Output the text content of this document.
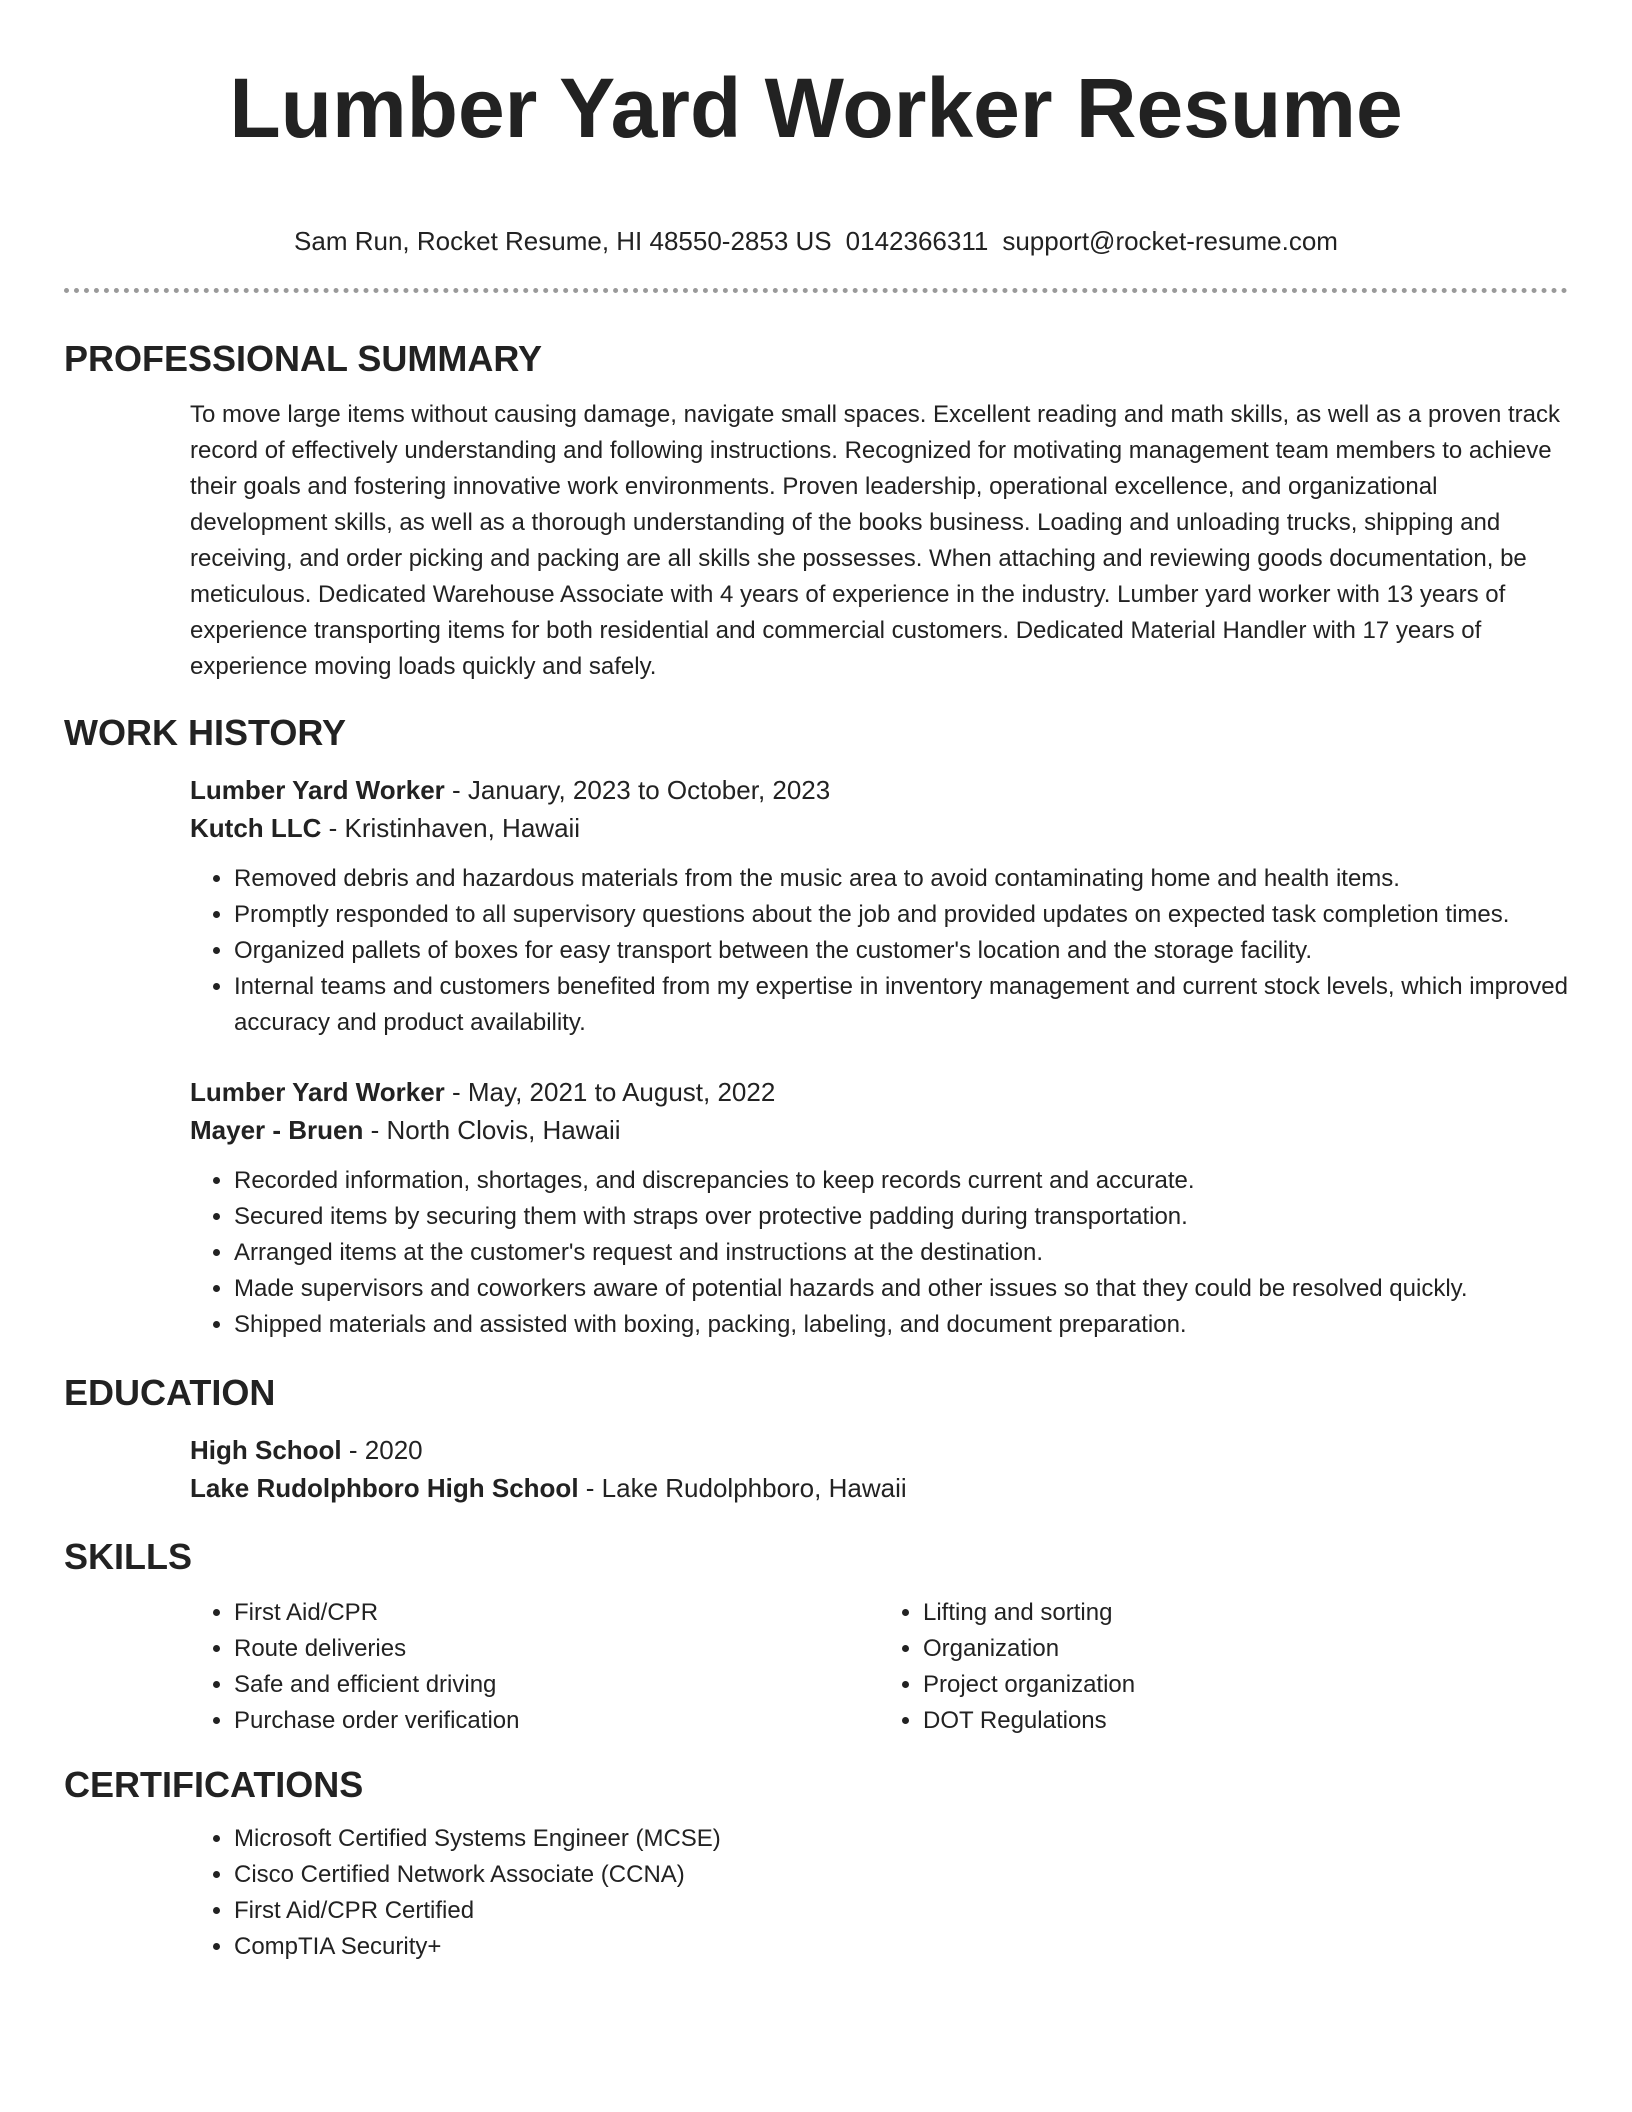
Lumber Yard Worker Resume
Sam Run, Rocket Resume, HI 48550-2853 US 0142366311 support@rocket-resume.com
PROFESSIONAL SUMMARY

To move large items without causing damage, navigate small spaces. Excellent reading and math skills, as well as a proven track record of effectively understanding and following instructions. Recognized for motivating management team members to achieve their goals and fostering innovative work environments. Proven leadership, operational excellence, and organizational development skills, as well as a thorough understanding of the books business. Loading and unloading trucks, shipping and receiving, and order picking and packing are all skills she possesses. When attaching and reviewing goods documentation, be meticulous. Dedicated Warehouse Associate with 4 years of experience in the industry. Lumber yard worker with 13 years of experience transporting items for both residential and commercial customers. Dedicated Material Handler with 17 years of experience moving loads quickly and safely.

WORK HISTORY

Lumber Yard Worker - January, 2023 to October, 2023

Kutch LLC - Kristinhaven, Hawaii

• Removed debris and hazardous materials from the music area to avoid contaminating home and health items.
• Promptly responded to all supervisory questions about the job and provided updates on expected task completion times.
• Organized pallets of boxes for easy transport between the customer's location and the storage facility.
• Internal teams and customers benefited from my expertise in inventory management and current stock levels, which improved accuracy and product availability.

Lumber Yard Worker - May, 2021 to August, 2022

Mayer - Bruen - North Clovis, Hawaii

• Recorded information, shortages, and discrepancies to keep records current and accurate.
• Secured items by securing them with straps over protective padding during transportation.
• Arranged items at the customer's request and instructions at the destination.
• Made supervisors and coworkers aware of potential hazards and other issues so that they could be resolved quickly.
• Shipped materials and assisted with boxing, packing, labeling, and document preparation.
EDUCATION

High School - 2020

Lake Rudolphboro High School - Lake Rudolphboro, Hawaii

SKILLS
• First Aid/CPR
• Route deliveries
• Safe and efficient driving
• Purchase order verification
• Lifting and sorting
• Organization
• Project organization
• DOT Regulations
CERTIFICATIONS
• Microsoft Certified Systems Engineer (MCSE)
• Cisco Certified Network Associate (CCNA)
• First Aid/CPR Certified
• CompTIA Security+
